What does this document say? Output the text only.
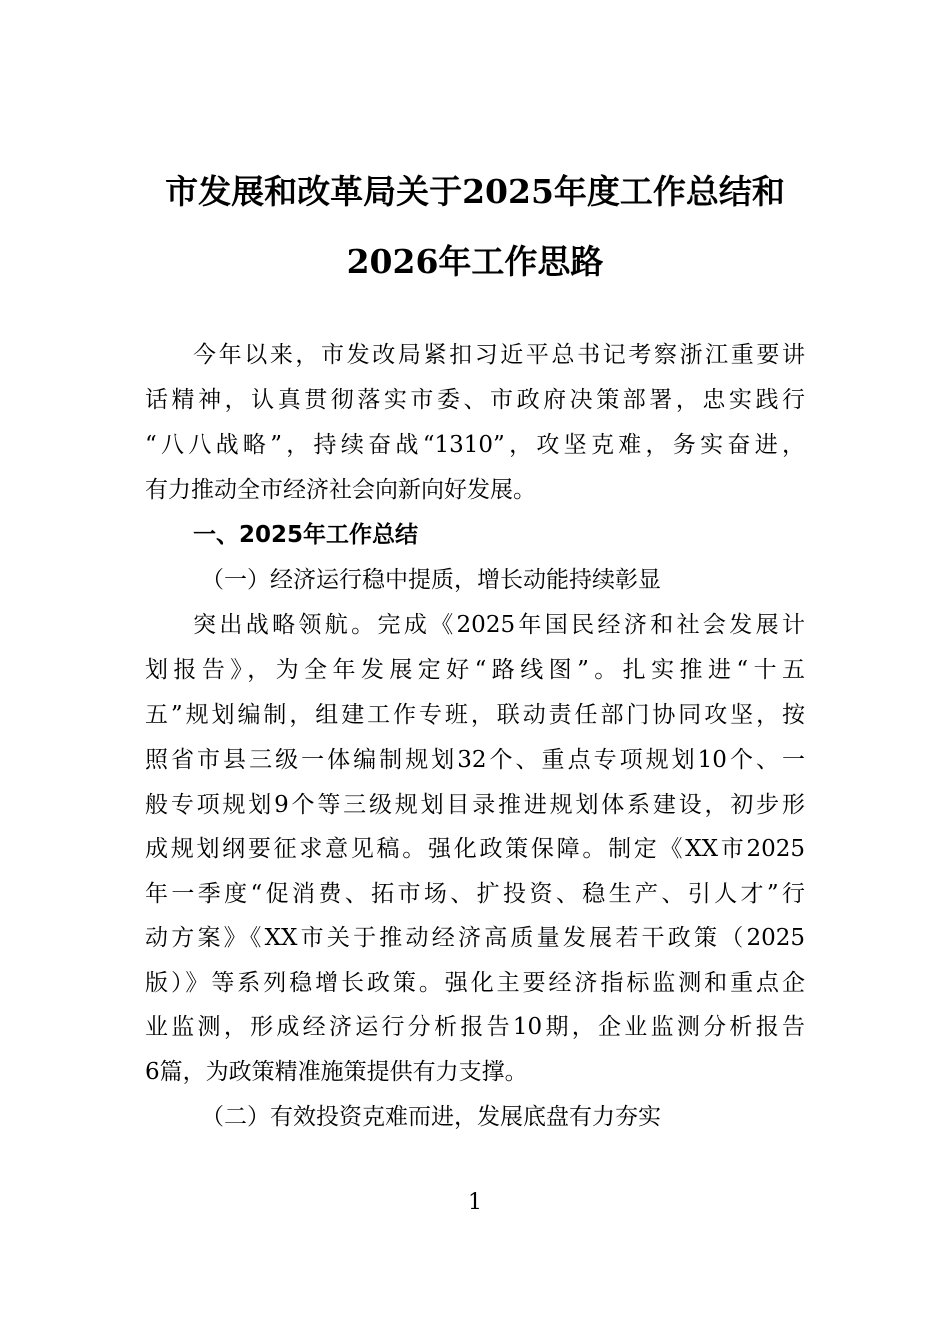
市发展和改革局关于2025年度工作总结和
2026年工作思路
今年以来，市发改局紧扣习近平总书记考察浙江重要讲
话精神，认真贯彻落实市委、市政府决策部署，忠实践行
“八八战略”，持续奋战“1310”，攻坚克难，务实奋进，
有力推动全市经济社会向新向好发展。
一、2025年工作总结
（一）经济运行稳中提质，增长动能持续彰显
突出战略领航。完成《2025年国民经济和社会发展计
划报告》，为全年发展定好“路线图”。扎实推进“十五
五”规划编制，组建工作专班，联动责任部门协同攻坚，按
照省市县三级一体编制规划32个、重点专项规划10个、一
般专项规划9个等三级规划目录推进规划体系建设，初步形
成规划纲要征求意见稿。强化政策保障。制定《XX市2025
年一季度“促消费、拓市场、扩投资、稳生产、引人才”行
动方案》《XX市关于推动经济高质量发展若干政策（2025
版）》等系列稳增长政策。强化主要经济指标监测和重点企
业监测，形成经济运行分析报告10期，企业监测分析报告
6篇，为政策精准施策提供有力支撑。
（二）有效投资克难而进，发展底盘有力夯实
1
